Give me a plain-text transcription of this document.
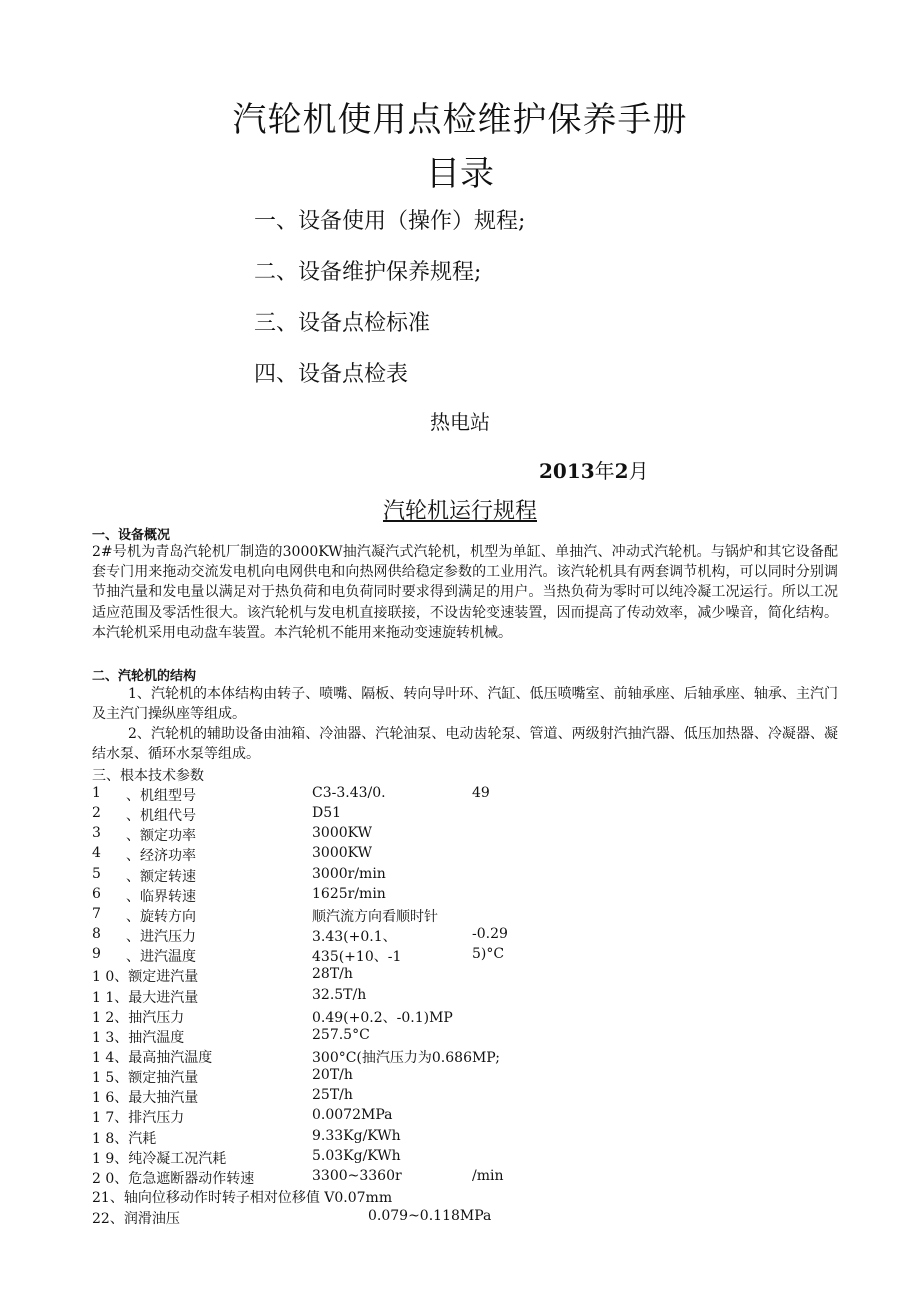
汽轮机使用点检维护保养手册
目录
一、设备使用（操作）规程;
二、设备维护保养规程;
三、设备点检标准
四、设备点检表
热电站
2013年2月
汽轮机运行规程
一、设备概况
2#号机为青岛汽轮机厂制造的3000KW抽汽凝汽式汽轮机，机型为单缸、单抽汽、冲动式汽轮机。与锅炉和其它设备配套专门用来拖动交流发电机向电网供电和向热网供给稳定参数的工业用汽。该汽轮机具有两套调节机构，可以同时分别调节抽汽量和发电量以满足对于热负荷和电负荷同时要求得到满足的用户。当热负荷为零时可以纯冷凝工况运行。所以工况适应范围及零活性很大。该汽轮机与发电机直接联接，不设齿轮变速装置，因而提高了传动效率，减少噪音，简化结构。本汽轮机采用电动盘车装置。本汽轮机不能用来拖动变速旋转机械。
二、汽轮机的结构
1、汽轮机的本体结构由转子、喷嘴、隔板、转向导叶环、汽缸、低压喷嘴室、前轴承座、后轴承座、轴承、主汽门及主汽门操纵座等组成。
2、汽轮机的辅助设备由油箱、冷油器、汽轮油泵、电动齿轮泵、管道、两级射汽抽汽器、低压加热器、冷凝器、凝结水泵、循环水泵等组成。
三、根本技术参数
1 、机组型号	C3-3.43/0.	49
2 、机组代号	D51
3 、额定功率	3000KW
4 、经济功率	3000KW
5 、额定转速	3000r/min
6 、临界转速	1625r/min
7 、旋转方向	顺汽流方向看顺时针
8 、进汽压力	3.43(+0.1、	-0.29
9 、进汽温度	435(+10、-1	5)°C
1 0、额定进汽量	28T/h
1 1、最大进汽量	32.5T/h
1 2、抽汽压力	0.49(+0.2、-0.1)MP
1 3、抽汽温度	257.5°C
1 4、最高抽汽温度	300°C(抽汽压力为0.686MP;
1 5、额定抽汽量	20T/h
1 6、最大抽汽量	25T/h
1 7、排汽压力	0.0072MPa
1 8、汽耗	9.33Kg/KWh
1 9、纯冷凝工况汽耗	5.03Kg/KWh
2 0、危急遮断器动作转速	3300~3360r	/min
21、轴向位移动作时转子相对位移值 V0.07mm
22、润滑油压	0.079~0.118MPa
